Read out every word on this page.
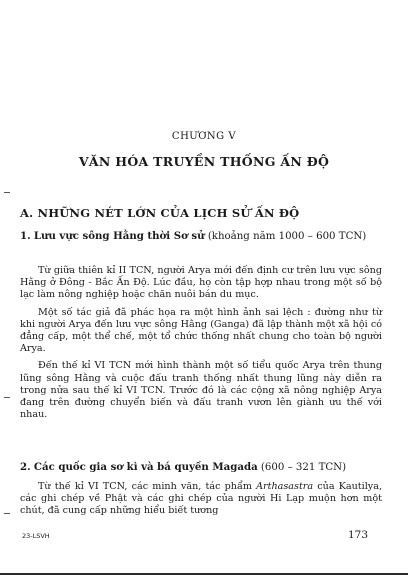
CHƯƠNG V
VĂN HÓA TRUYỀN THỐNG ẤN ĐỘ
A. NHỮNG NÉT LỚN CỦA LỊCH SỬ ẤN ĐỘ
1. Lưu vực sông Hằng thời Sơ sử (khoảng năm 1000 – 600 TCN)

Từ giữa thiên kỉ II TCN, người Arya mới đến định cư trên lưu vực sông Hằng ở Đông - Bắc Ấn Độ. Lúc đầu, họ còn tập hợp nhau trong một số bộ lạc làm nông nghiệp hoặc chăn nuôi bán du mục.

Một số tác giả đã phác họa ra một hình ảnh sai lệch : đường như từ khi người Arya đến lưu vực sông Hằng (Ganga) đã lập thành một xã hội có đẳng cấp, một thể chế, một tổ chức thống nhất chung cho toàn bộ người Arya.

Đến thế kỉ VI TCN mới hình thành một số tiểu quốc Arya trên thung lũng sông Hằng và cuộc đấu tranh thống nhất thung lũng này diễn ra trong nửa sau thế kỉ VI TCN. Trước đó là các cộng xã nông nghiệp Arya đang trên đường chuyển biến và đấu tranh vươn lên giành ưu thế với nhau.

2. Các quốc gia sơ kì và bá quyền Magada (600 – 321 TCN)

Từ thế kỉ VI TCN, các minh văn, tác phẩm Arthasastra của Kautilya, các ghi chép về Phật và các ghi chép của người Hi Lạp muộn hơn một chút, đã cung cấp những hiểu biết tương

23-LSVH	173
